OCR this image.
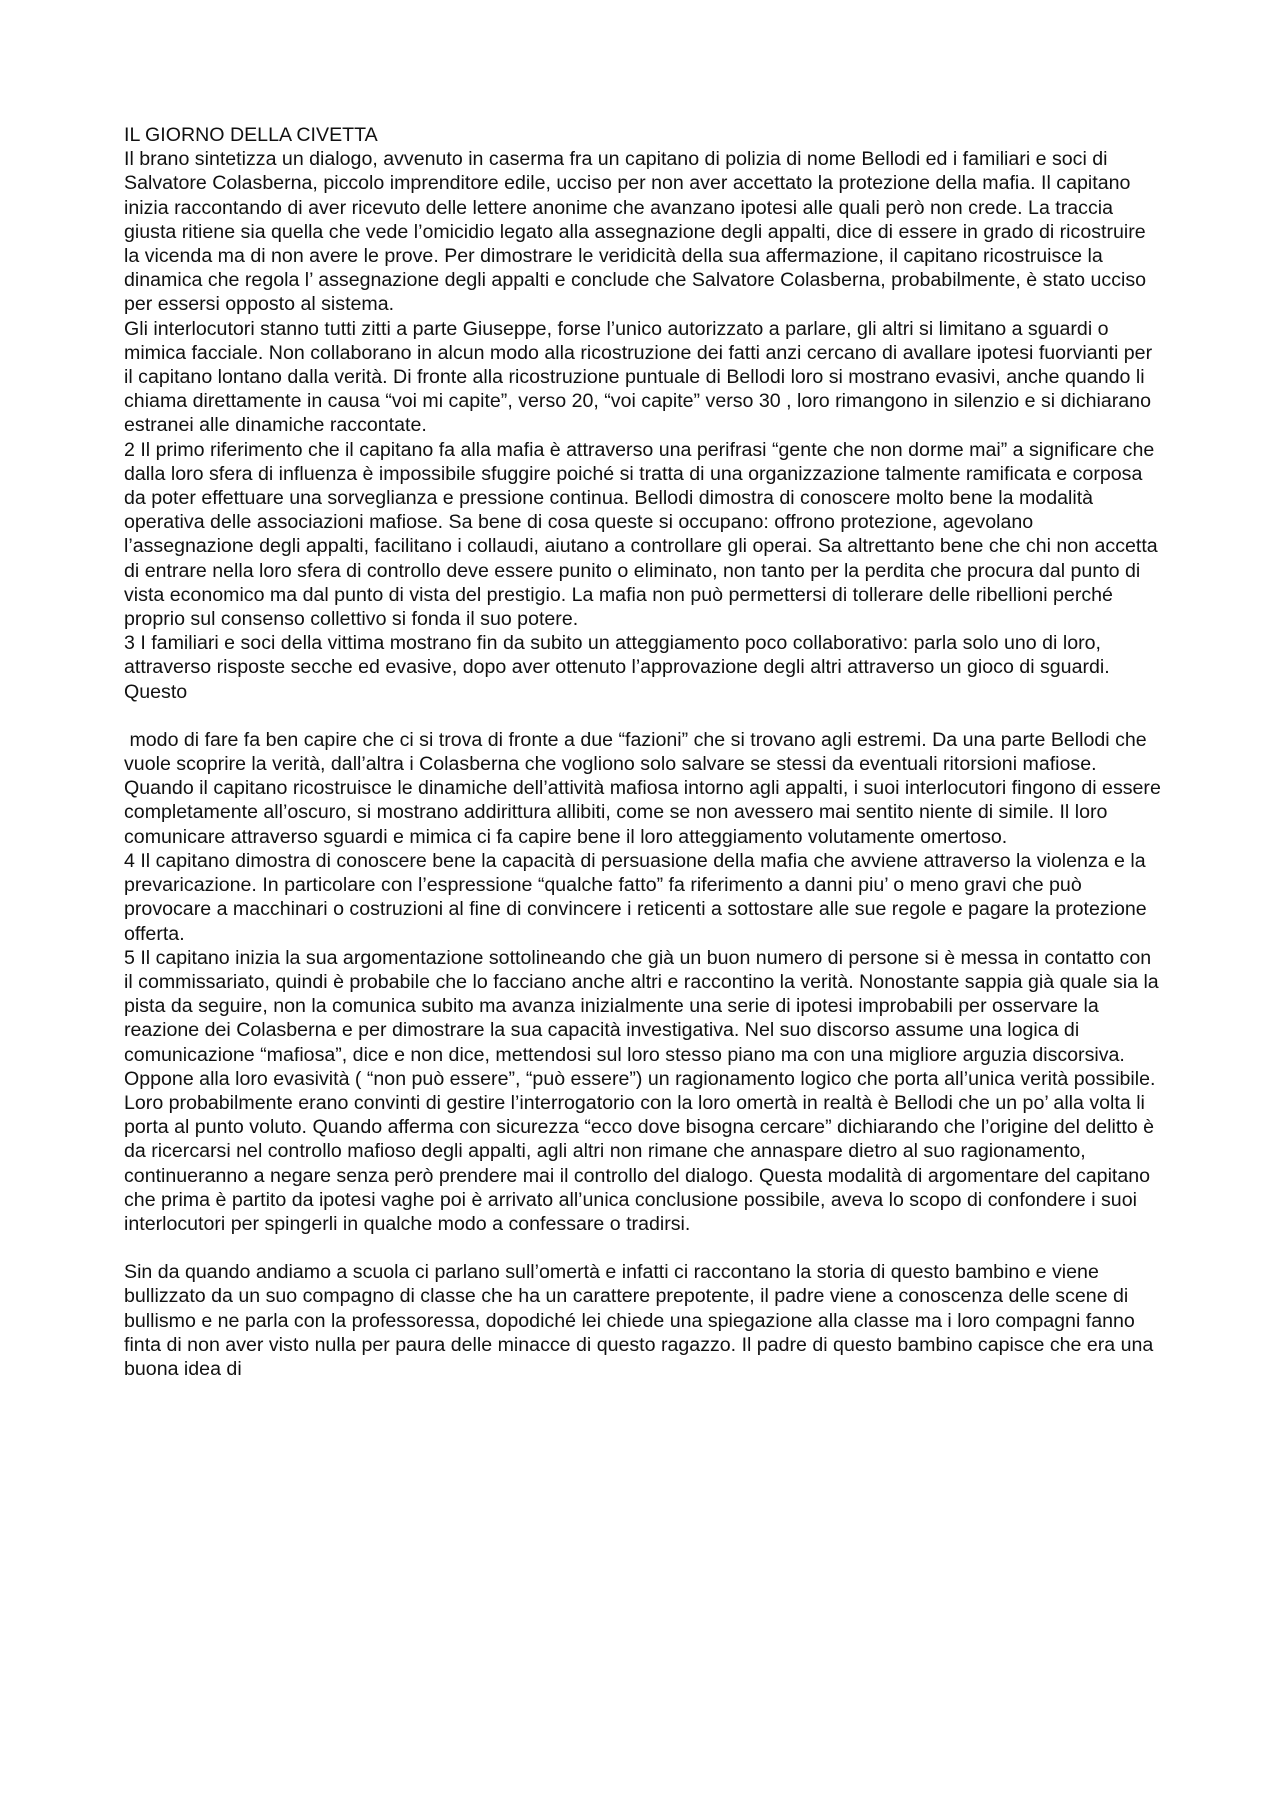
IL GIORNO DELLA CIVETTA

Il brano sintetizza un dialogo, avvenuto in caserma fra un capitano di polizia di nome Bellodi ed i familiari e soci di Salvatore Colasberna, piccolo imprenditore edile, ucciso per non aver accettato la protezione della mafia. Il capitano inizia raccontando di aver ricevuto delle lettere anonime che avanzano ipotesi alle quali però non crede. La traccia giusta ritiene sia quella che vede l’omicidio legato alla assegnazione degli appalti, dice di essere in grado di ricostruire la vicenda ma di non avere le prove. Per dimostrare le veridicità della sua affermazione, il capitano ricostruisce la dinamica che regola l’ assegnazione degli appalti e conclude che Salvatore Colasberna, probabilmente, è stato ucciso per essersi opposto al sistema.

Gli interlocutori stanno tutti zitti a parte Giuseppe, forse l’unico autorizzato a parlare, gli altri si limitano a sguardi o mimica facciale. Non collaborano in alcun modo alla ricostruzione dei fatti anzi cercano di avallare ipotesi fuorvianti per il capitano lontano dalla verità. Di fronte alla ricostruzione puntuale di Bellodi loro si mostrano evasivi, anche quando li chiama direttamente in causa “voi mi capite”, verso 20, “voi capite” verso 30 , loro rimangono in silenzio e si dichiarano estranei alle dinamiche raccontate.

2 Il primo riferimento che il capitano fa alla mafia è attraverso una perifrasi “gente che non dorme mai” a significare che dalla loro sfera di influenza è impossibile sfuggire poiché si tratta di una organizzazione talmente ramificata e corposa da poter effettuare una sorveglianza e pressione continua. Bellodi dimostra di conoscere molto bene la modalità operativa delle associazioni mafiose. Sa bene di cosa queste si occupano: offrono protezione, agevolano l’assegnazione degli appalti, facilitano i collaudi, aiutano a controllare gli operai. Sa altrettanto bene che chi non accetta di entrare nella loro sfera di controllo deve essere punito o eliminato, non tanto per la perdita che procura dal punto di vista economico ma dal punto di vista del prestigio. La mafia non può permettersi di tollerare delle ribellioni perché proprio sul consenso collettivo si fonda il suo potere.

3 I familiari e soci della vittima mostrano fin da subito un atteggiamento poco collaborativo: parla solo uno di loro, attraverso risposte secche ed evasive, dopo aver ottenuto l’approvazione degli altri attraverso un gioco di sguardi. Questo

modo di fare fa ben capire che ci si trova di fronte a due “fazioni” che si trovano agli estremi. Da una parte Bellodi che vuole scoprire la verità, dall’altra i Colasberna che vogliono solo salvare se stessi da eventuali ritorsioni mafiose. Quando il capitano ricostruisce le dinamiche dell’attività mafiosa intorno agli appalti, i suoi interlocutori fingono di essere completamente all’oscuro, si mostrano addirittura allibiti, come se non avessero mai sentito niente di simile. Il loro comunicare attraverso sguardi e mimica ci fa capire bene il loro atteggiamento volutamente omertoso.

4 Il capitano dimostra di conoscere bene la capacità di persuasione della mafia che avviene attraverso la violenza e la prevaricazione. In particolare con l’espressione “qualche fatto” fa riferimento a danni piu’ o meno gravi che può provocare a macchinari o costruzioni al fine di convincere i reticenti a sottostare alle sue regole e pagare la protezione offerta.

5 Il capitano inizia la sua argomentazione sottolineando che già un buon numero di persone si è messa in contatto con il commissariato, quindi è probabile che lo facciano anche altri e raccontino la verità. Nonostante sappia già quale sia la pista da seguire, non la comunica subito ma avanza inizialmente una serie di ipotesi improbabili per osservare la reazione dei Colasberna e per dimostrare la sua capacità investigativa. Nel suo discorso assume una logica di comunicazione “mafiosa”, dice e non dice, mettendosi sul loro stesso piano ma con una migliore arguzia discorsiva. Oppone alla loro evasività ( “non può essere”, “può essere”) un ragionamento logico che porta all’unica verità possibile. Loro probabilmente erano convinti di gestire l’interrogatorio con la loro omertà in realtà è Bellodi che un po’ alla volta li porta al punto voluto. Quando afferma con sicurezza “ecco dove bisogna cercare” dichiarando che l’origine del delitto è da ricercarsi nel controllo mafioso degli appalti, agli altri non rimane che annaspare dietro al suo ragionamento, continueranno a negare senza però prendere mai il controllo del dialogo. Questa modalità di argomentare del capitano che prima è partito da ipotesi vaghe poi è arrivato all’unica conclusione possibile, aveva lo scopo di confondere i suoi interlocutori per spingerli in qualche modo a confessare o tradirsi.

Sin da quando andiamo a scuola ci parlano sull’omertà e infatti ci raccontano la storia di questo bambino e viene bullizzato da un suo compagno di classe che ha un carattere prepotente, il padre viene a conoscenza delle scene di bullismo e ne parla con la professoressa, dopodiché lei chiede una spiegazione alla classe ma i loro compagni fanno finta di non aver visto nulla per paura delle minacce di questo ragazzo. Il padre di questo bambino capisce che era una buona idea di
